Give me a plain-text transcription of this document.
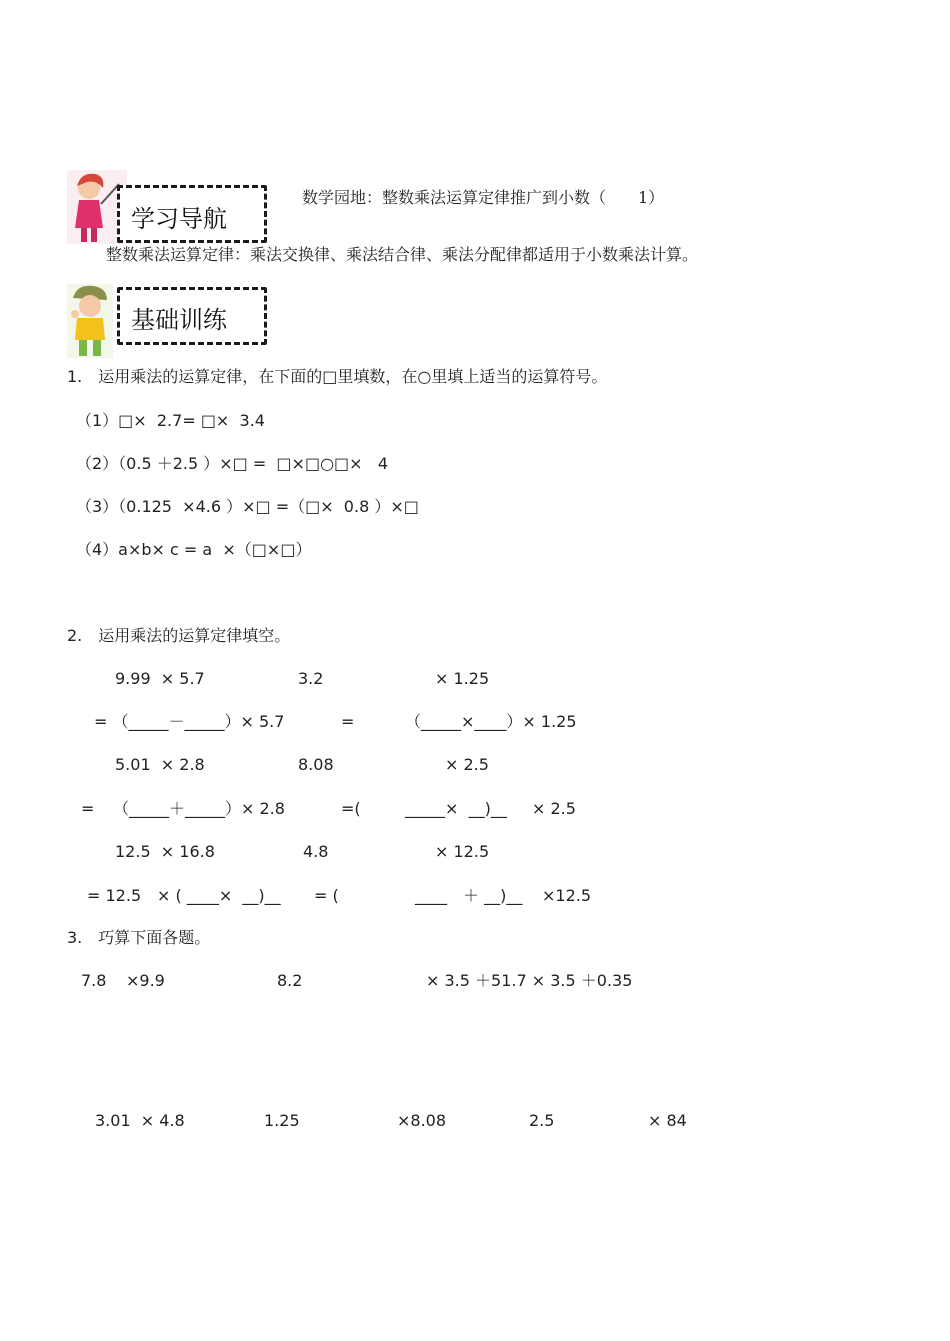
学习导航
数学园地：整数乘法运算定律推广到小数（　　1）
整数乘法运算定律：乘法交换律、乘法结合律、乘法分配律都适用于小数乘法计算。
基础训练
1.　运用乘法的运算定律，在下面的□里填数，在○里填上适当的运算符号。
（1）□×  2.7= □×  3.4
（2）（0.5 ＋2.5 ）×□ =  □×□○□×   4
（3）（0.125  ×4.6 ）×□ =（□×  0.8 ）×□
（4）a×b× c = a  ×（□×□）
2.　运用乘法的运算定律填空。
9.99  × 5.7	3.2	× 1.25
= （_____－_____）× 5.7	=	（_____×____）× 1.25
5.01  × 2.8	8.08	× 2.5
= （_____＋_____）× 2.8	=(	_____×  __)__ × 2.5
12.5  × 16.8	4.8	× 12.5
= 12.5 × ( ____×  __)__ = (	____ ＋ __)__ ×12.5
3.　巧算下面各题。
7.8 ×9.9	8.2	× 3.5 ＋51.7 × 3.5 ＋0.35
3.01  × 4.8	1.25	×8.08	2.5	× 84
